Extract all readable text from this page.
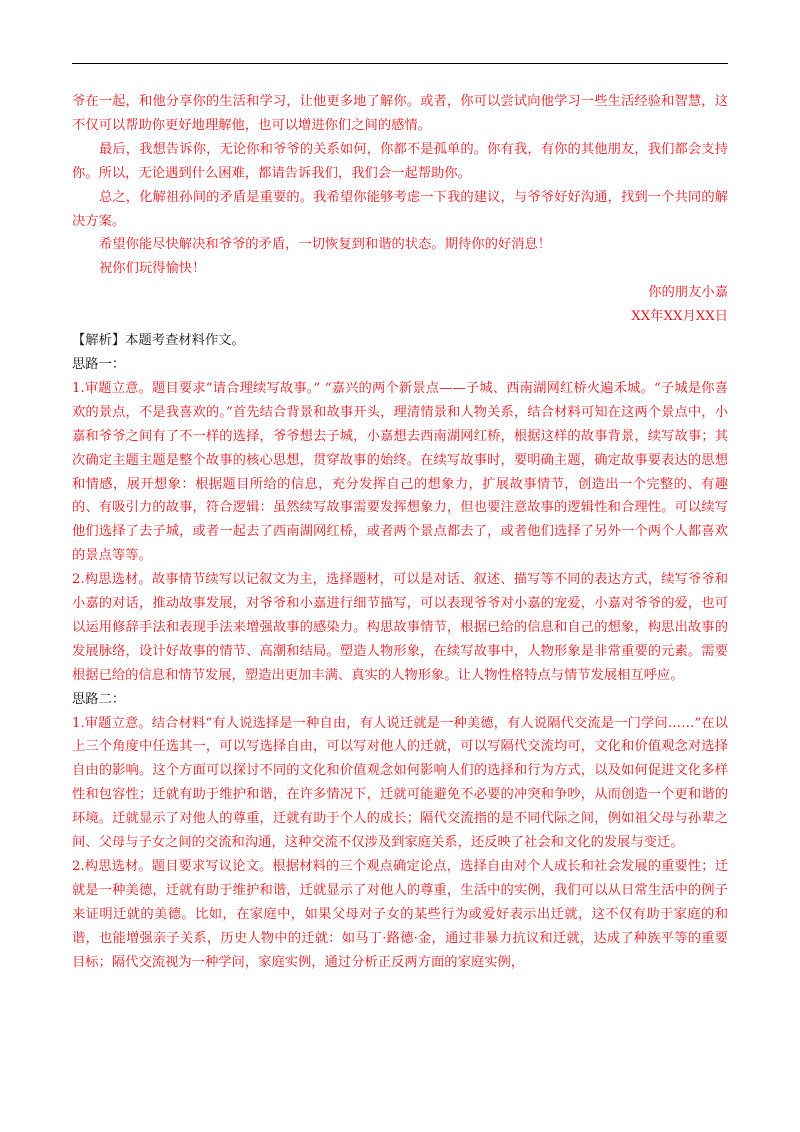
爷在一起，和他分享你的生活和学习，让他更多地了解你。或者，你可以尝试向他学习一些生活经验和智慧，这不仅可以帮助你更好地理解他，也可以增进你们之间的感情。

最后，我想告诉你，无论你和爷爷的关系如何，你都不是孤单的。你有我，有你的其他朋友，我们都会支持你。所以，无论遇到什么困难，都请告诉我们，我们会一起帮助你。

总之，化解祖孙间的矛盾是重要的。我希望你能够考虑一下我的建议，与爷爷好好沟通，找到一个共同的解决方案。

希望你能尽快解决和爷爷的矛盾，一切恢复到和谐的状态。期待你的好消息！

祝你们玩得愉快！

你的朋友小嘉

XX年XX月XX日

【解析】本题考查材料作文。

思路一：

1.审题立意。题目要求“请合理续写故事。” “嘉兴的两个新景点——子城、西南湖网红桥火遍禾城。“子城是你喜欢的景点，不是我喜欢的。”首先结合背景和故事开头，理清情景和人物关系，结合材料可知在这两个景点中，小嘉和爷爷之间有了不一样的选择，爷爷想去子城，小嘉想去西南湖网红桥，根据这样的故事背景，续写故事；其次确定主题主题是整个故事的核心思想，贯穿故事的始终。在续写故事时，要明确主题，确定故事要表达的思想和情感，展开想象：根据题目所给的信息，充分发挥自己的想象力，扩展故事情节，创造出一个完整的、有趣的、有吸引力的故事，符合逻辑：虽然续写故事需要发挥想象力，但也要注意故事的逻辑性和合理性。可以续写他们选择了去子城，或者一起去了西南湖网红桥，或者两个景点都去了，或者他们选择了另外一个两个人都喜欢的景点等等。

2.构思选材。故事情节续写以记叙文为主，选择题材，可以是对话、叙述、描写等不同的表达方式，续写爷爷和小嘉的对话，推动故事发展，对爷爷和小嘉进行细节描写，可以表现爷爷对小嘉的宠爱，小嘉对爷爷的爱，也可以运用修辞手法和表现手法来增强故事的感染力。构思故事情节，根据已给的信息和自己的想象，构思出故事的发展脉络，设计好故事的情节、高潮和结局。塑造人物形象，在续写故事中，人物形象是非常重要的元素。需要根据已给的信息和情节发展，塑造出更加丰满、真实的人物形象。让人物性格特点与情节发展相互呼应。

思路二：

1.审题立意。结合材料“有人说选择是一种自由，有人说迁就是一种美德，有人说隔代交流是一门学问……”在以上三个角度中任选其一，可以写选择自由，可以写对他人的迁就，可以写隔代交流均可，文化和价值观念对选择自由的影响。这个方面可以探讨不同的文化和价值观念如何影响人们的选择和行为方式，以及如何促进文化多样性和包容性；迁就有助于维护和谐，在许多情况下，迁就可能避免不必要的冲突和争吵，从而创造一个更和谐的环境。迁就显示了对他人的尊重，迁就有助于个人的成长；隔代交流指的是不同代际之间，例如祖父母与孙辈之间、父母与子女之间的交流和沟通，这种交流不仅涉及到家庭关系，还反映了社会和文化的发展与变迁。

2.构思选材。题目要求写议论文。根据材料的三个观点确定论点，选择自由对个人成长和社会发展的重要性；迁就是一种美德，迁就有助于维护和谐，迁就显示了对他人的尊重，生活中的实例，我们可以从日常生活中的例子来证明迁就的美德。比如，在家庭中，如果父母对子女的某些行为或爱好表示出迁就，这不仅有助于家庭的和谐，也能增强亲子关系，历史人物中的迁就：如马丁·路德·金，通过非暴力抗议和迁就，达成了种族平等的重要目标；隔代交流视为一种学问，家庭实例，通过分析正反两方面的家庭实例，
